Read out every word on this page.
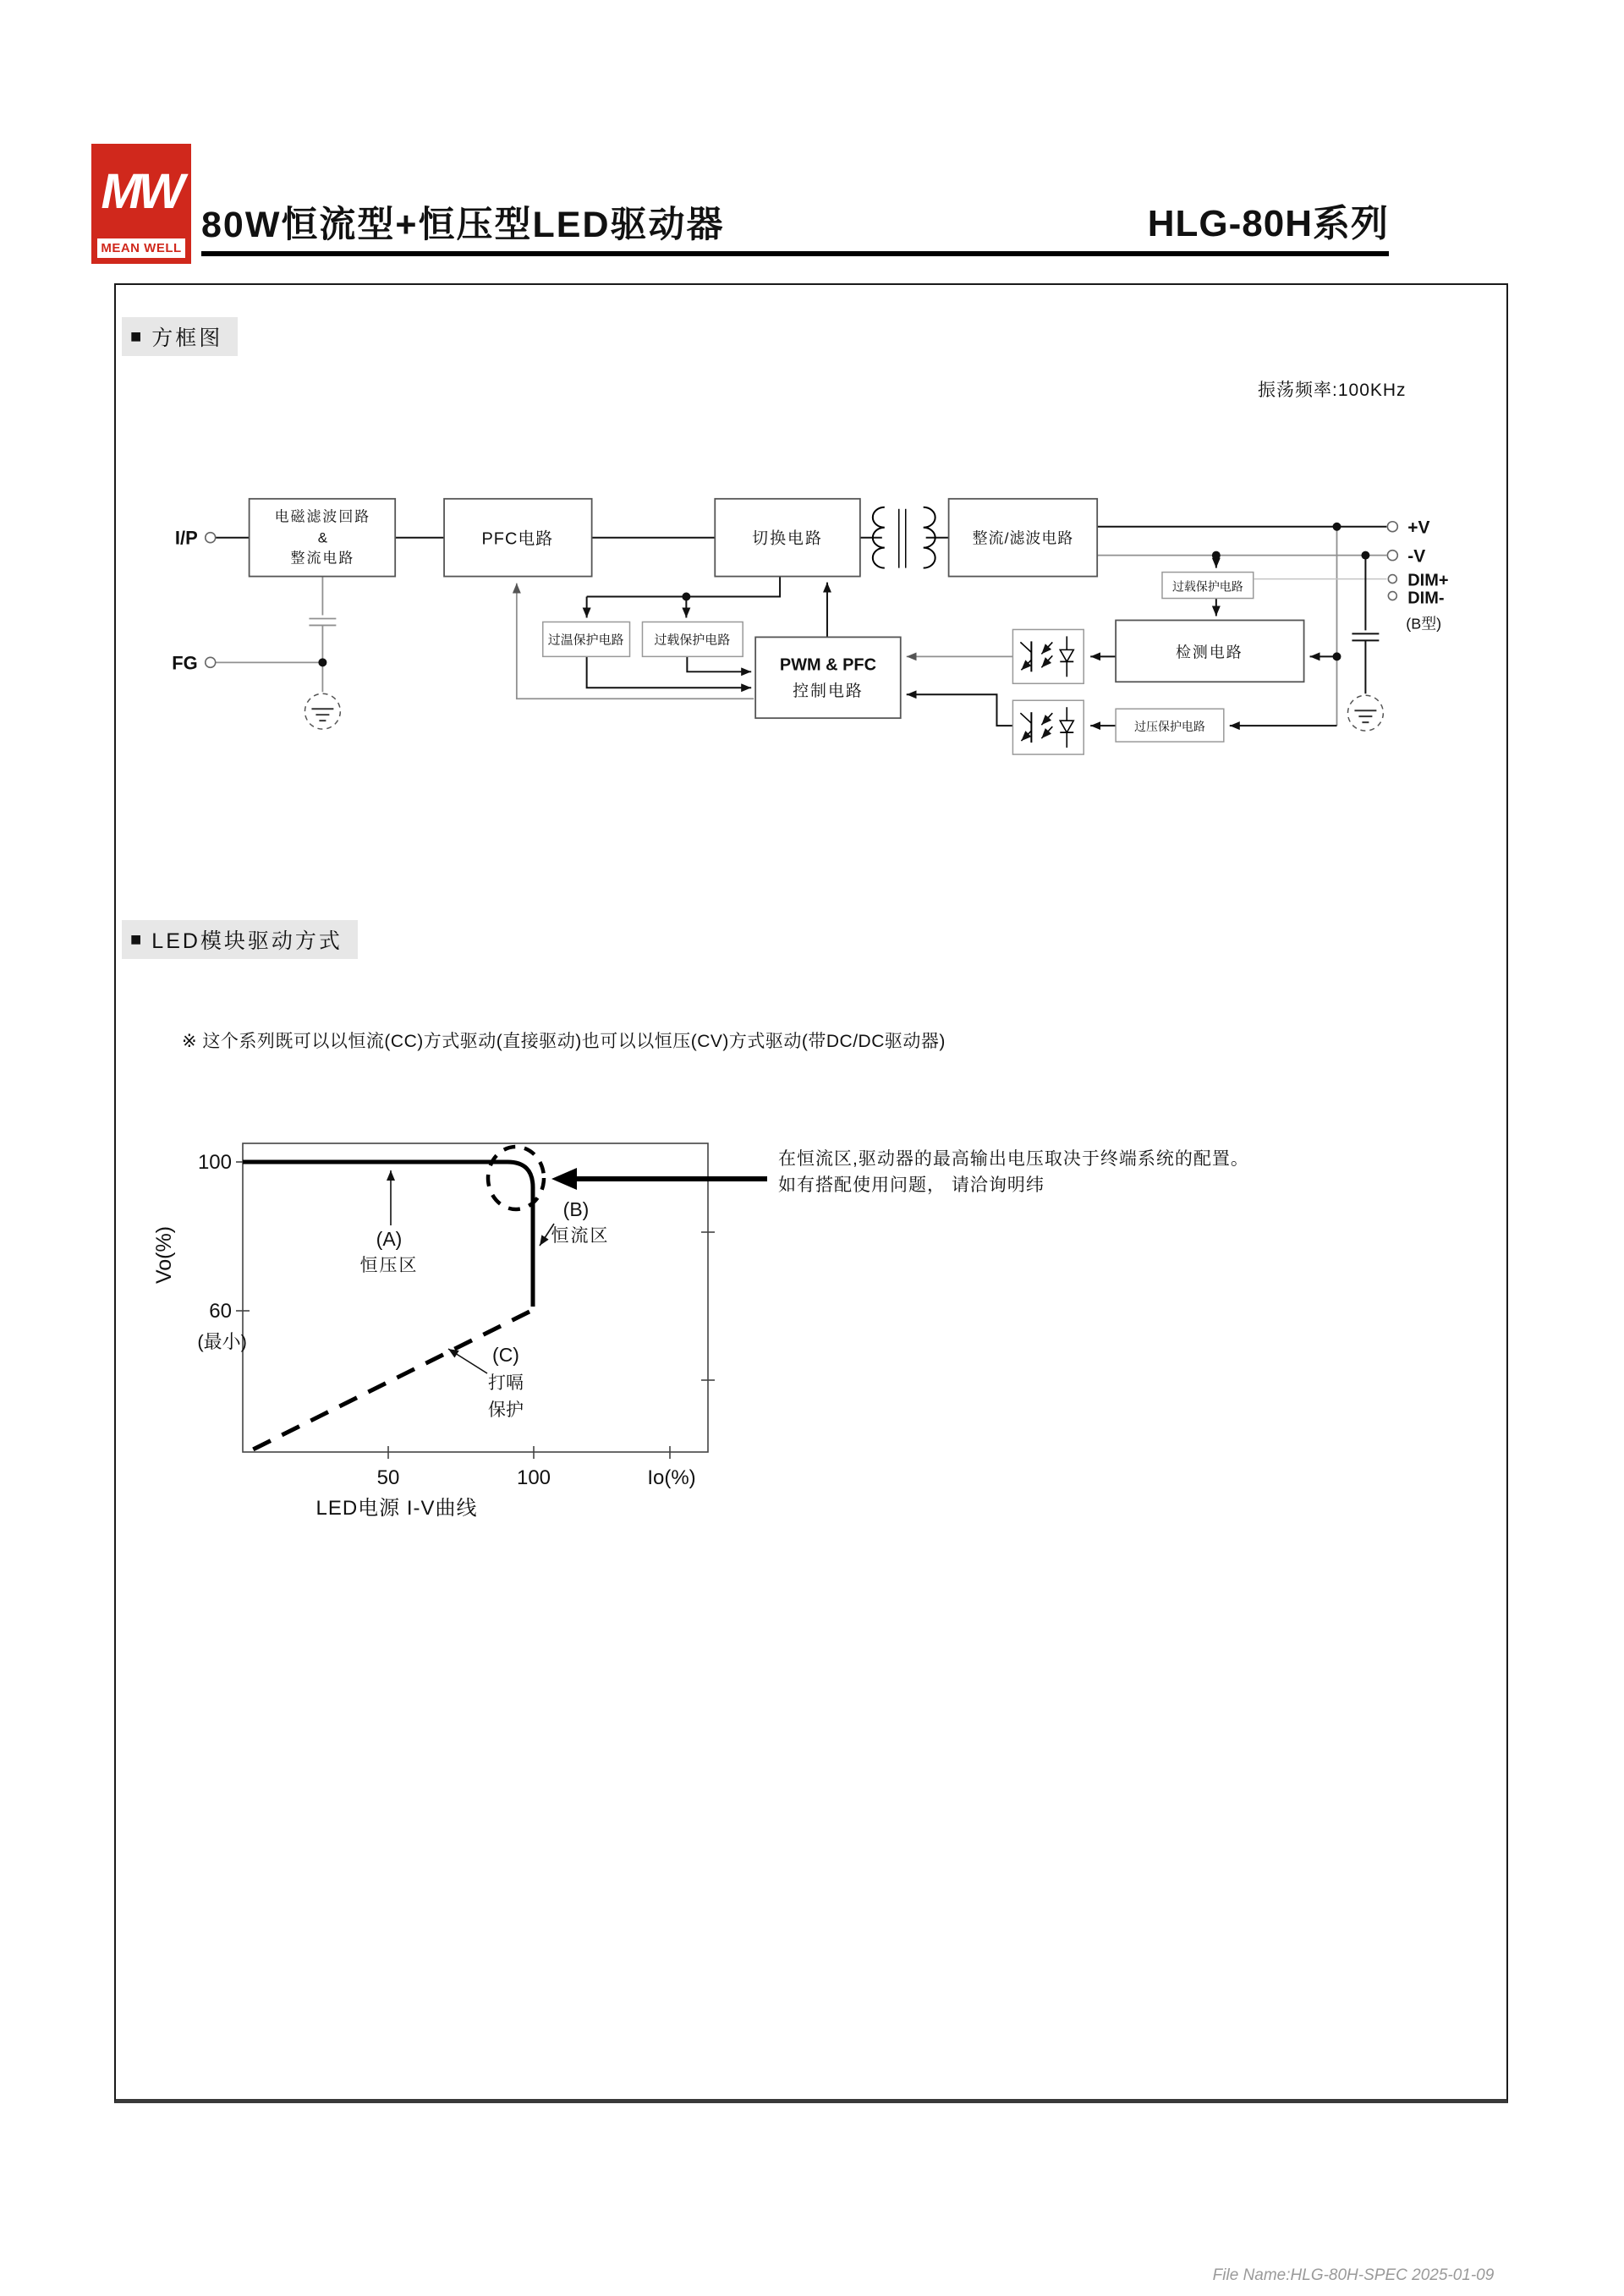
MW
MEAN WELL
80W恒流型+恒压型LED驱动器	HLG-80H系列
■ 方框图
振荡频率:100KHz
电磁滤波回路
&
整流电路
PFC电路	切换电路	整流/滤波电路
过温保护电路 过载保护电路
PWM & PFC
控制电路
过载保护电路
检测电路
过压保护电路
I/P
FG
+V
-V
DIM+
DIM-
(B型)
■ LED模块驱动方式
※ 这个系列既可以以恒流(CC)方式驱动(直接驱动)也可以以恒压(CV)方式驱动(带DC/DC驱动器)
100
60
(最小)
Vo(%)
50	100	Io(%)
(A)
恒压区
(B)
恒流区
(C)
打嗝
保护
LED电源 I-V曲线
在恒流区,驱动器的最高输出电压取决于终端系统的配置。
如有搭配使用问题， 请洽询明纬
File Name:HLG-80H-SPEC 2025-01-09
